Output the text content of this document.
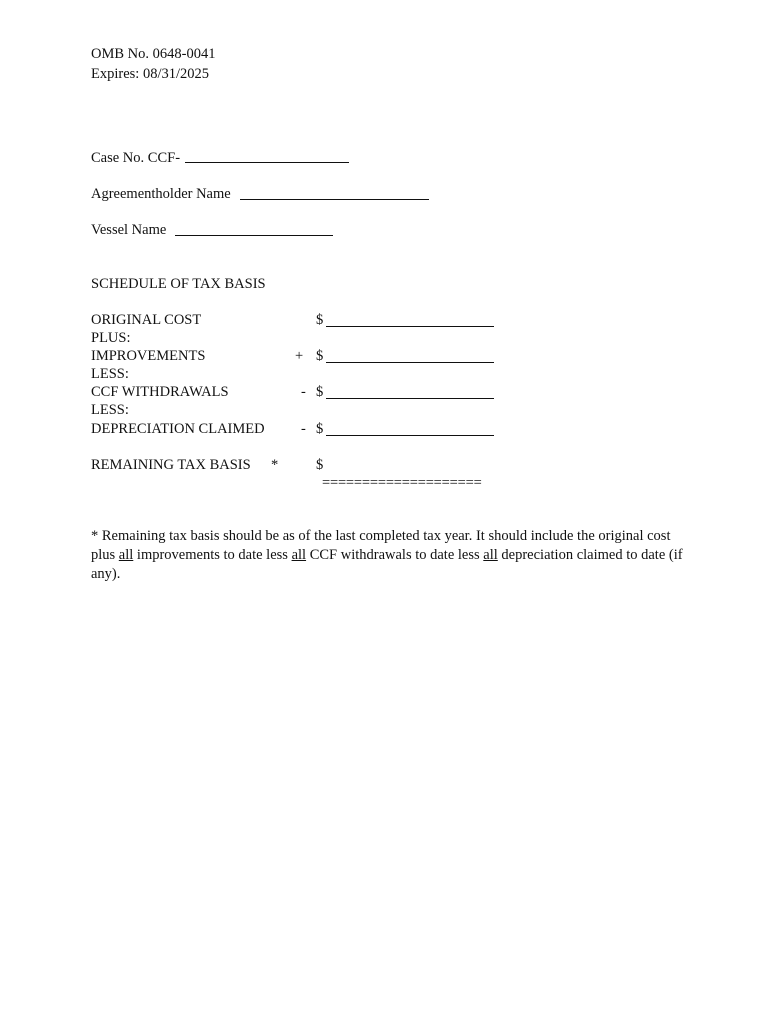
OMB No. 0648-0041
Expires: 08/31/2025
Case No. CCF-
Agreementholder Name
Vessel Name
SCHEDULE OF TAX BASIS
ORIGINAL COST	$
PLUS:
IMPROVEMENTS	+ $
LESS:
CCF WITHDRAWALS	- $
LESS:
DEPRECIATION CLAIMED	- $
REMAINING TAX BASIS *	$
====================
* Remaining tax basis should be as of the last completed tax year. It should include the original cost plus all improvements to date less all CCF withdrawals to date less all depreciation claimed to date (if any).
